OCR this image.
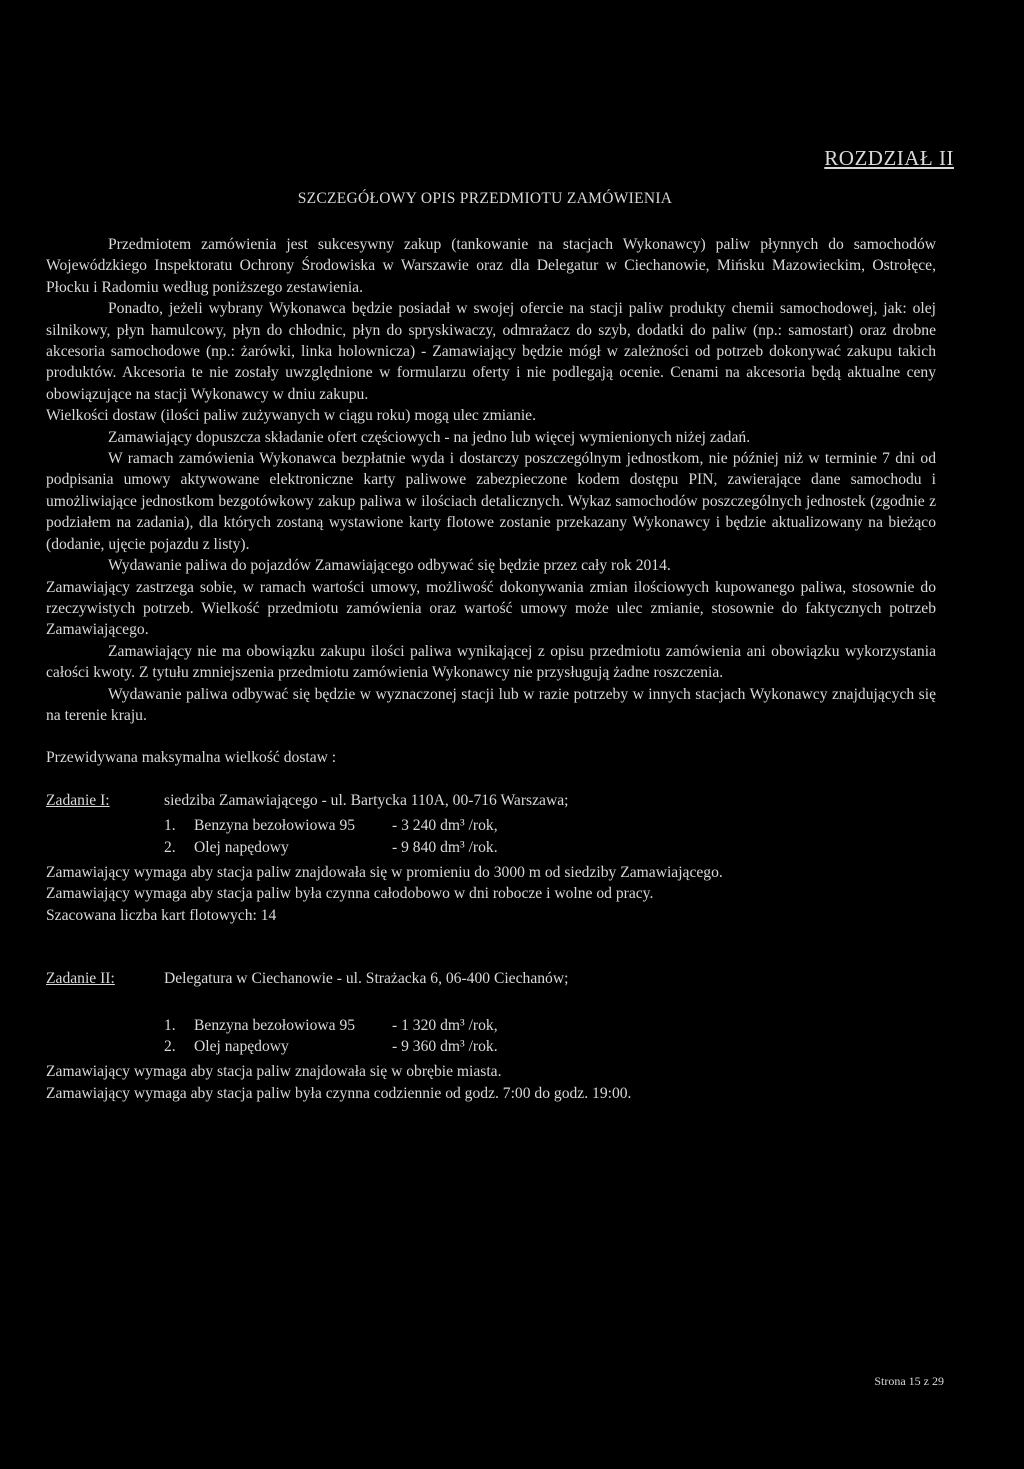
ROZDZIAŁ II
SZCZEGÓŁOWY OPIS PRZEDMIOTU ZAMÓWIENIA

Przedmiotem zamówienia jest sukcesywny zakup (tankowanie na stacjach Wykonawcy) paliw płynnych do samochodów Wojewódzkiego Inspektoratu Ochrony Środowiska w Warszawie oraz dla Delegatur w Ciechanowie, Mińsku Mazowieckim, Ostrołęce, Płocku i Radomiu według poniższego zestawienia.

Ponadto, jeżeli wybrany Wykonawca będzie posiadał w swojej ofercie na stacji paliw produkty chemii samochodowej, jak: olej silnikowy, płyn hamulcowy, płyn do chłodnic, płyn do spryskiwaczy, odmrażacz do szyb, dodatki do paliw (np.: samostart) oraz drobne akcesoria samochodowe (np.: żarówki, linka holownicza) - Zamawiający będzie mógł w zależności od potrzeb dokonywać zakupu takich produktów. Akcesoria te nie zostały uwzględnione w formularzu oferty i nie podlegają ocenie. Cenami na akcesoria będą aktualne ceny obowiązujące na stacji Wykonawcy w dniu zakupu.

Wielkości dostaw (ilości paliw zużywanych w ciągu roku) mogą ulec zmianie.

Zamawiający dopuszcza składanie ofert częściowych - na jedno lub więcej wymienionych niżej zadań.

W ramach zamówienia Wykonawca bezpłatnie wyda i dostarczy poszczególnym jednostkom, nie później niż w terminie 7 dni od podpisania umowy aktywowane elektroniczne karty paliwowe zabezpieczone kodem dostępu PIN, zawierające dane samochodu i umożliwiające jednostkom bezgotówkowy zakup paliwa w ilościach detalicznych. Wykaz samochodów poszczególnych jednostek (zgodnie z podziałem na zadania), dla których zostaną wystawione karty flotowe zostanie przekazany Wykonawcy i będzie aktualizowany na bieżąco (dodanie, ujęcie pojazdu z listy).

Wydawanie paliwa do pojazdów Zamawiającego odbywać się będzie przez cały rok 2014.

Zamawiający zastrzega sobie, w ramach wartości umowy, możliwość dokonywania zmian ilościowych kupowanego paliwa, stosownie do rzeczywistych potrzeb. Wielkość przedmiotu zamówienia oraz wartość umowy może ulec zmianie, stosownie do faktycznych potrzeb Zamawiającego.

Zamawiający nie ma obowiązku zakupu ilości paliwa wynikającej z opisu przedmiotu zamówienia ani obowiązku wykorzystania całości kwoty. Z tytułu zmniejszenia przedmiotu zamówienia Wykonawcy nie przysługują żadne roszczenia.

Wydawanie paliwa odbywać się będzie w wyznaczonej stacji lub w razie potrzeby w innych stacjach Wykonawcy znajdujących się na terenie kraju.

Przewidywana maksymalna wielkość dostaw :

Zadanie I:	siedziba Zamawiającego - ul. Bartycka 110A, 00-716 Warszawa;
1.	Benzyna bezołowiowa 95	- 3 240 dm³ /rok,
2.	Olej napędowy	- 9 840 dm³ /rok.

Zamawiający wymaga aby stacja paliw znajdowała się w promieniu do 3000 m od siedziby Zamawiającego.

Zamawiający wymaga aby stacja paliw była czynna całodobowo w dni robocze i wolne od pracy.

Szacowana liczba kart flotowych: 14

Zadanie II:	Delegatura w Ciechanowie - ul. Strażacka 6, 06-400 Ciechanów;
1.	Benzyna bezołowiowa 95	- 1 320 dm³ /rok,
2.	Olej napędowy	- 9 360 dm³ /rok.

Zamawiający wymaga aby stacja paliw znajdowała się w obrębie miasta.

Zamawiający wymaga aby stacja paliw była czynna codziennie od godz. 7:00 do godz. 19:00.

Strona 15 z 29
